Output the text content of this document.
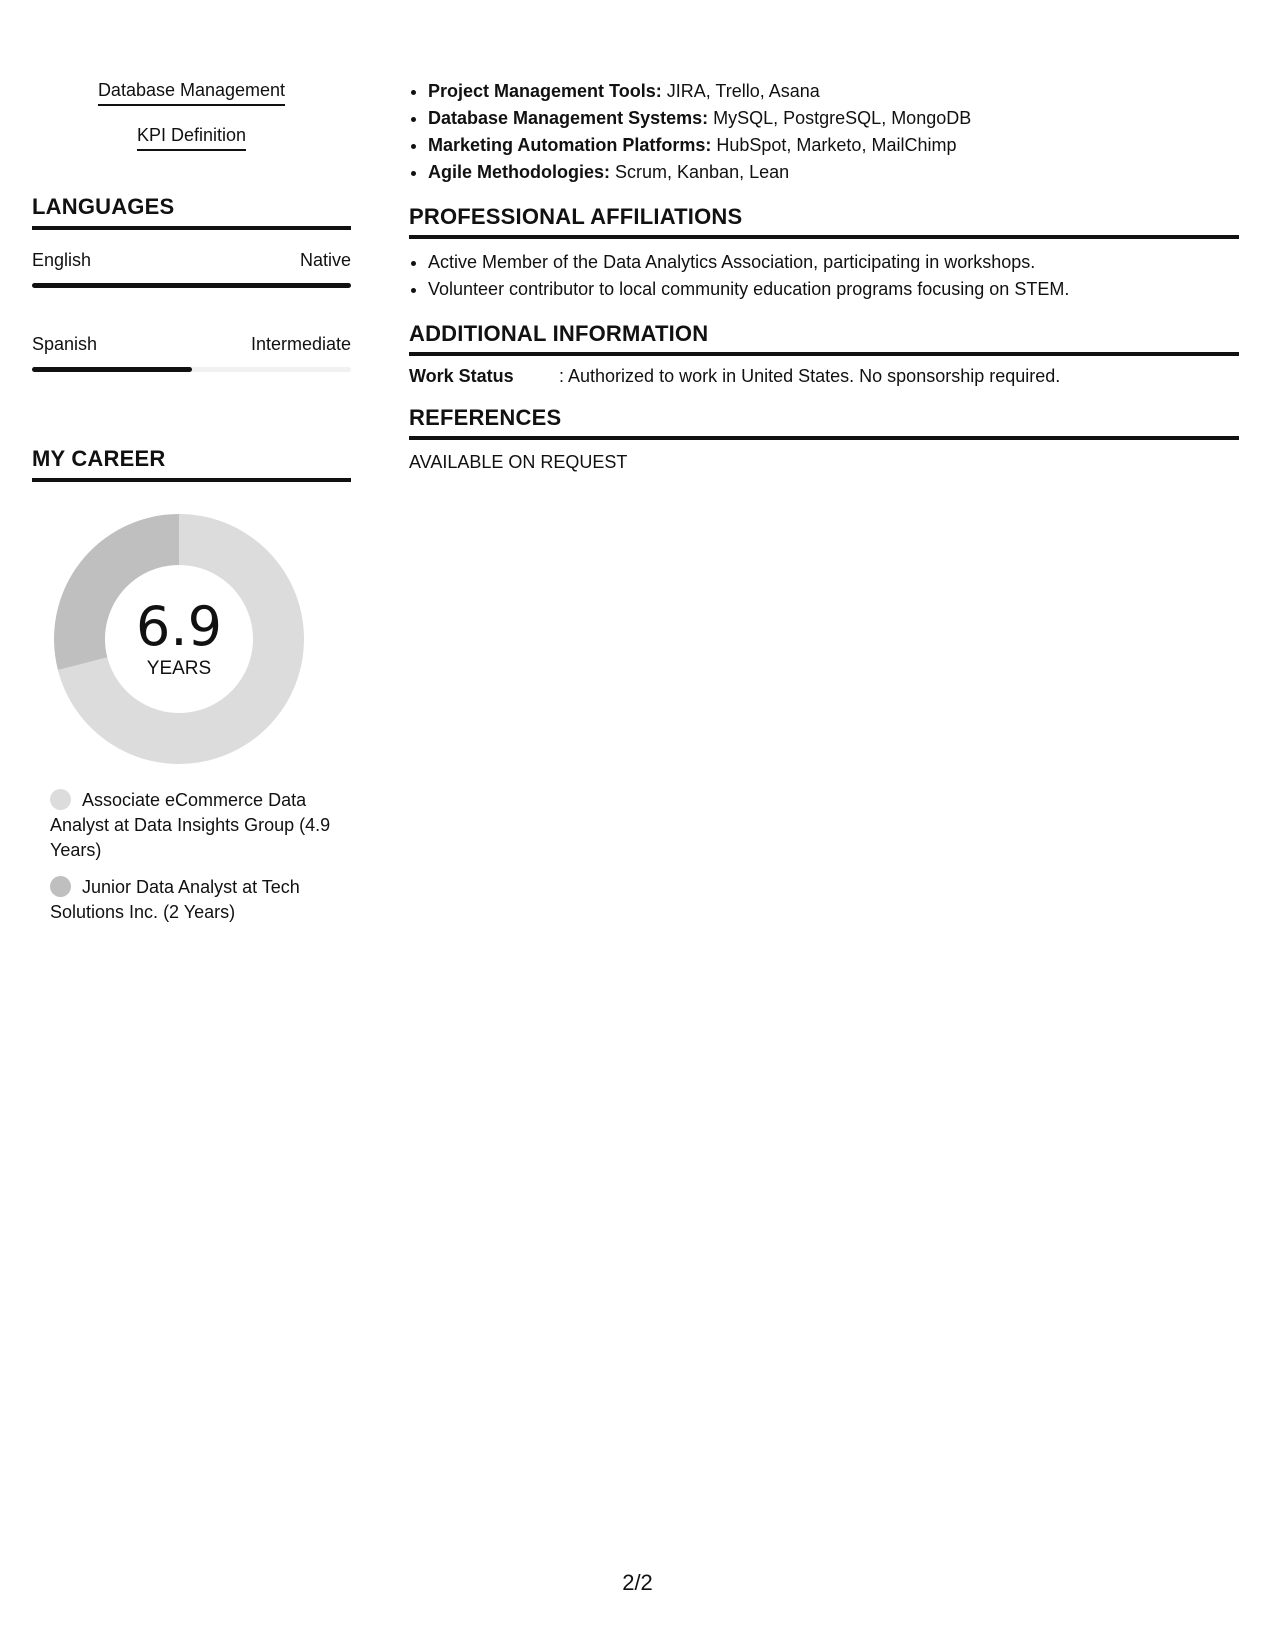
Database Management
KPI Definition
LANGUAGES
English	Native
Spanish	Intermediate
MY CAREER
6.9
YEARS
Associate eCommerce Data Analyst at Data Insights Group (4.9 Years)
Junior Data Analyst at Tech Solutions Inc. (2 Years)
• Project Management Tools: JIRA, Trello, Asana
• Database Management Systems: MySQL, PostgreSQL, MongoDB
• Marketing Automation Platforms: HubSpot, Marketo, MailChimp
• Agile Methodologies: Scrum, Kanban, Lean
PROFESSIONAL AFFILIATIONS
• Active Member of the Data Analytics Association, participating in workshops.
• Volunteer contributor to local community education programs focusing on STEM.
ADDITIONAL INFORMATION
Work Status	: Authorized to work in United States. No sponsorship required.
REFERENCES
AVAILABLE ON REQUEST
2/2
